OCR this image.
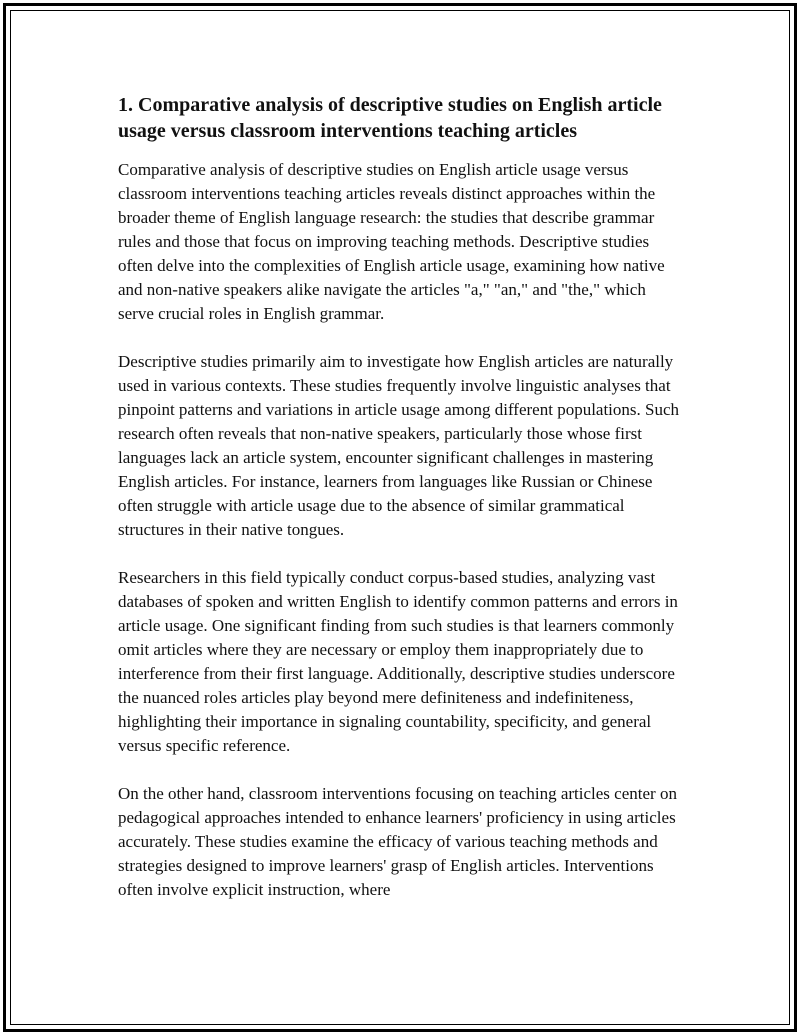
1. Comparative analysis of descriptive studies on English article usage versus classroom interventions teaching articles

Comparative analysis of descriptive studies on English article usage versus classroom interventions teaching articles reveals distinct approaches within the broader theme of English language research: the studies that describe grammar rules and those that focus on improving teaching methods. Descriptive studies often delve into the complexities of English article usage, examining how native and non-native speakers alike navigate the articles "a," "an," and "the," which serve crucial roles in English grammar.

Descriptive studies primarily aim to investigate how English articles are naturally used in various contexts. These studies frequently involve linguistic analyses that pinpoint patterns and variations in article usage among different populations. Such research often reveals that non-native speakers, particularly those whose first languages lack an article system, encounter significant challenges in mastering English articles. For instance, learners from languages like Russian or Chinese often struggle with article usage due to the absence of similar grammatical structures in their native tongues.

Researchers in this field typically conduct corpus-based studies, analyzing vast databases of spoken and written English to identify common patterns and errors in article usage. One significant finding from such studies is that learners commonly omit articles where they are necessary or employ them inappropriately due to interference from their first language. Additionally, descriptive studies underscore the nuanced roles articles play beyond mere definiteness and indefiniteness, highlighting their importance in signaling countability, specificity, and general versus specific reference.

On the other hand, classroom interventions focusing on teaching articles center on pedagogical approaches intended to enhance learners' proficiency in using articles accurately. These studies examine the efficacy of various teaching methods and strategies designed to improve learners' grasp of English articles. Interventions often involve explicit instruction, where
